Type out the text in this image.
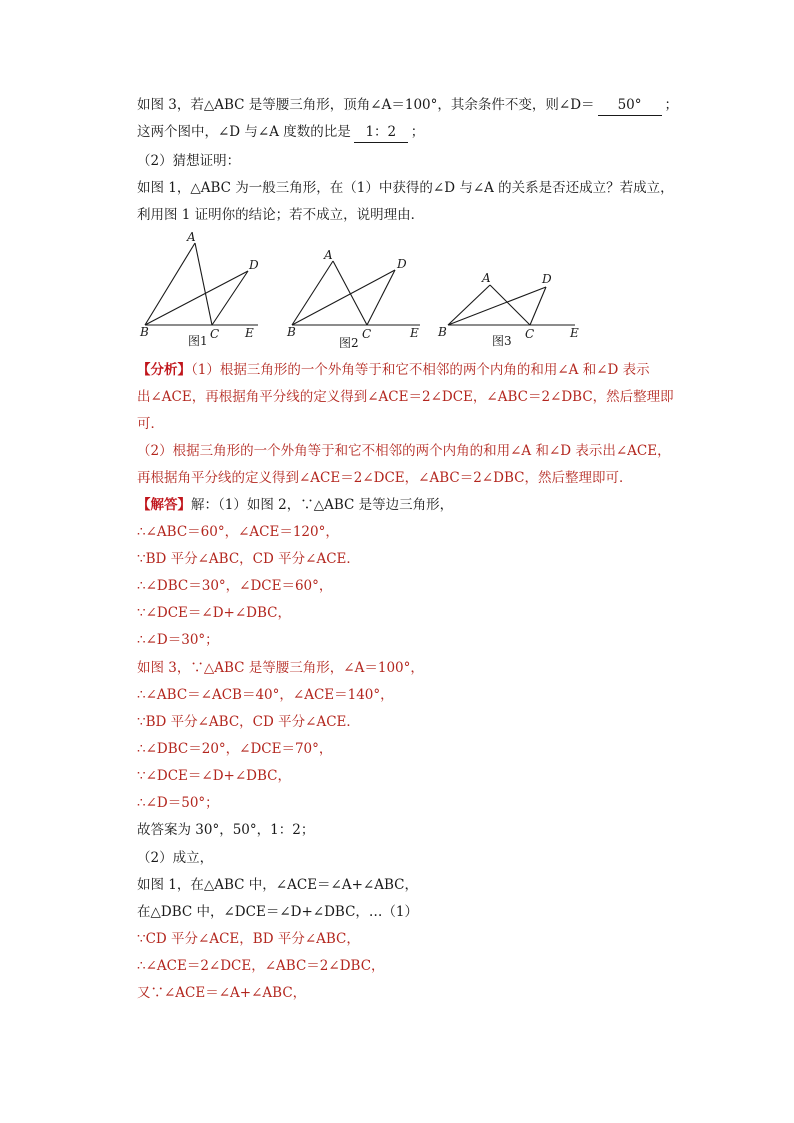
如图 3，若△ABC 是等腰三角形，顶角∠A＝100°，其余条件不变，则∠D＝ 50° ；
这两个图中，∠D 与∠A 度数的比是 1：2 ；
（2）猜想证明：
如图 1，△ABC 为一般三角形，在（1）中获得的∠D 与∠A 的关系是否还成立？若成立，
利用图 1 证明你的结论；若不成立，说明理由．
A
B	C
D
E
图1
A
B	C
D
E
图2
A
B	C
D
E
图3
【分析】（1）根据三角形的一个外角等于和它不相邻的两个内角的和用∠A 和∠D 表示
出∠ACE，再根据角平分线的定义得到∠ACE＝2∠DCE，∠ABC＝2∠DBC，然后整理即
可．
（2）根据三角形的一个外角等于和它不相邻的两个内角的和用∠A 和∠D 表示出∠ACE，
再根据角平分线的定义得到∠ACE＝2∠DCE，∠ABC＝2∠DBC，然后整理即可．
【解答】解：（1）如图 2，∵△ABC 是等边三角形，
∴∠ABC＝60°，∠ACE＝120°，
∵BD 平分∠ABC，CD 平分∠ACE．
∴∠DBC＝30°，∠DCE＝60°，
∵∠DCE＝∠D+∠DBC，
∴∠D＝30°；
如图 3，∵△ABC 是等腰三角形，∠A＝100°，
∴∠ABC＝∠ACB＝40°，∠ACE＝140°，
∵BD 平分∠ABC，CD 平分∠ACE．
∴∠DBC＝20°，∠DCE＝70°，
∵∠DCE＝∠D+∠DBC，
∴∠D＝50°；
故答案为 30°，50°，1：2；
（2）成立，
如图 1，在△ABC 中，∠ACE＝∠A+∠ABC，
在△DBC 中，∠DCE＝∠D+∠DBC，…（1）
∵CD 平分∠ACE，BD 平分∠ABC，
∴∠ACE＝2∠DCE，∠ABC＝2∠DBC，
又∵∠ACE＝∠A+∠ABC，
